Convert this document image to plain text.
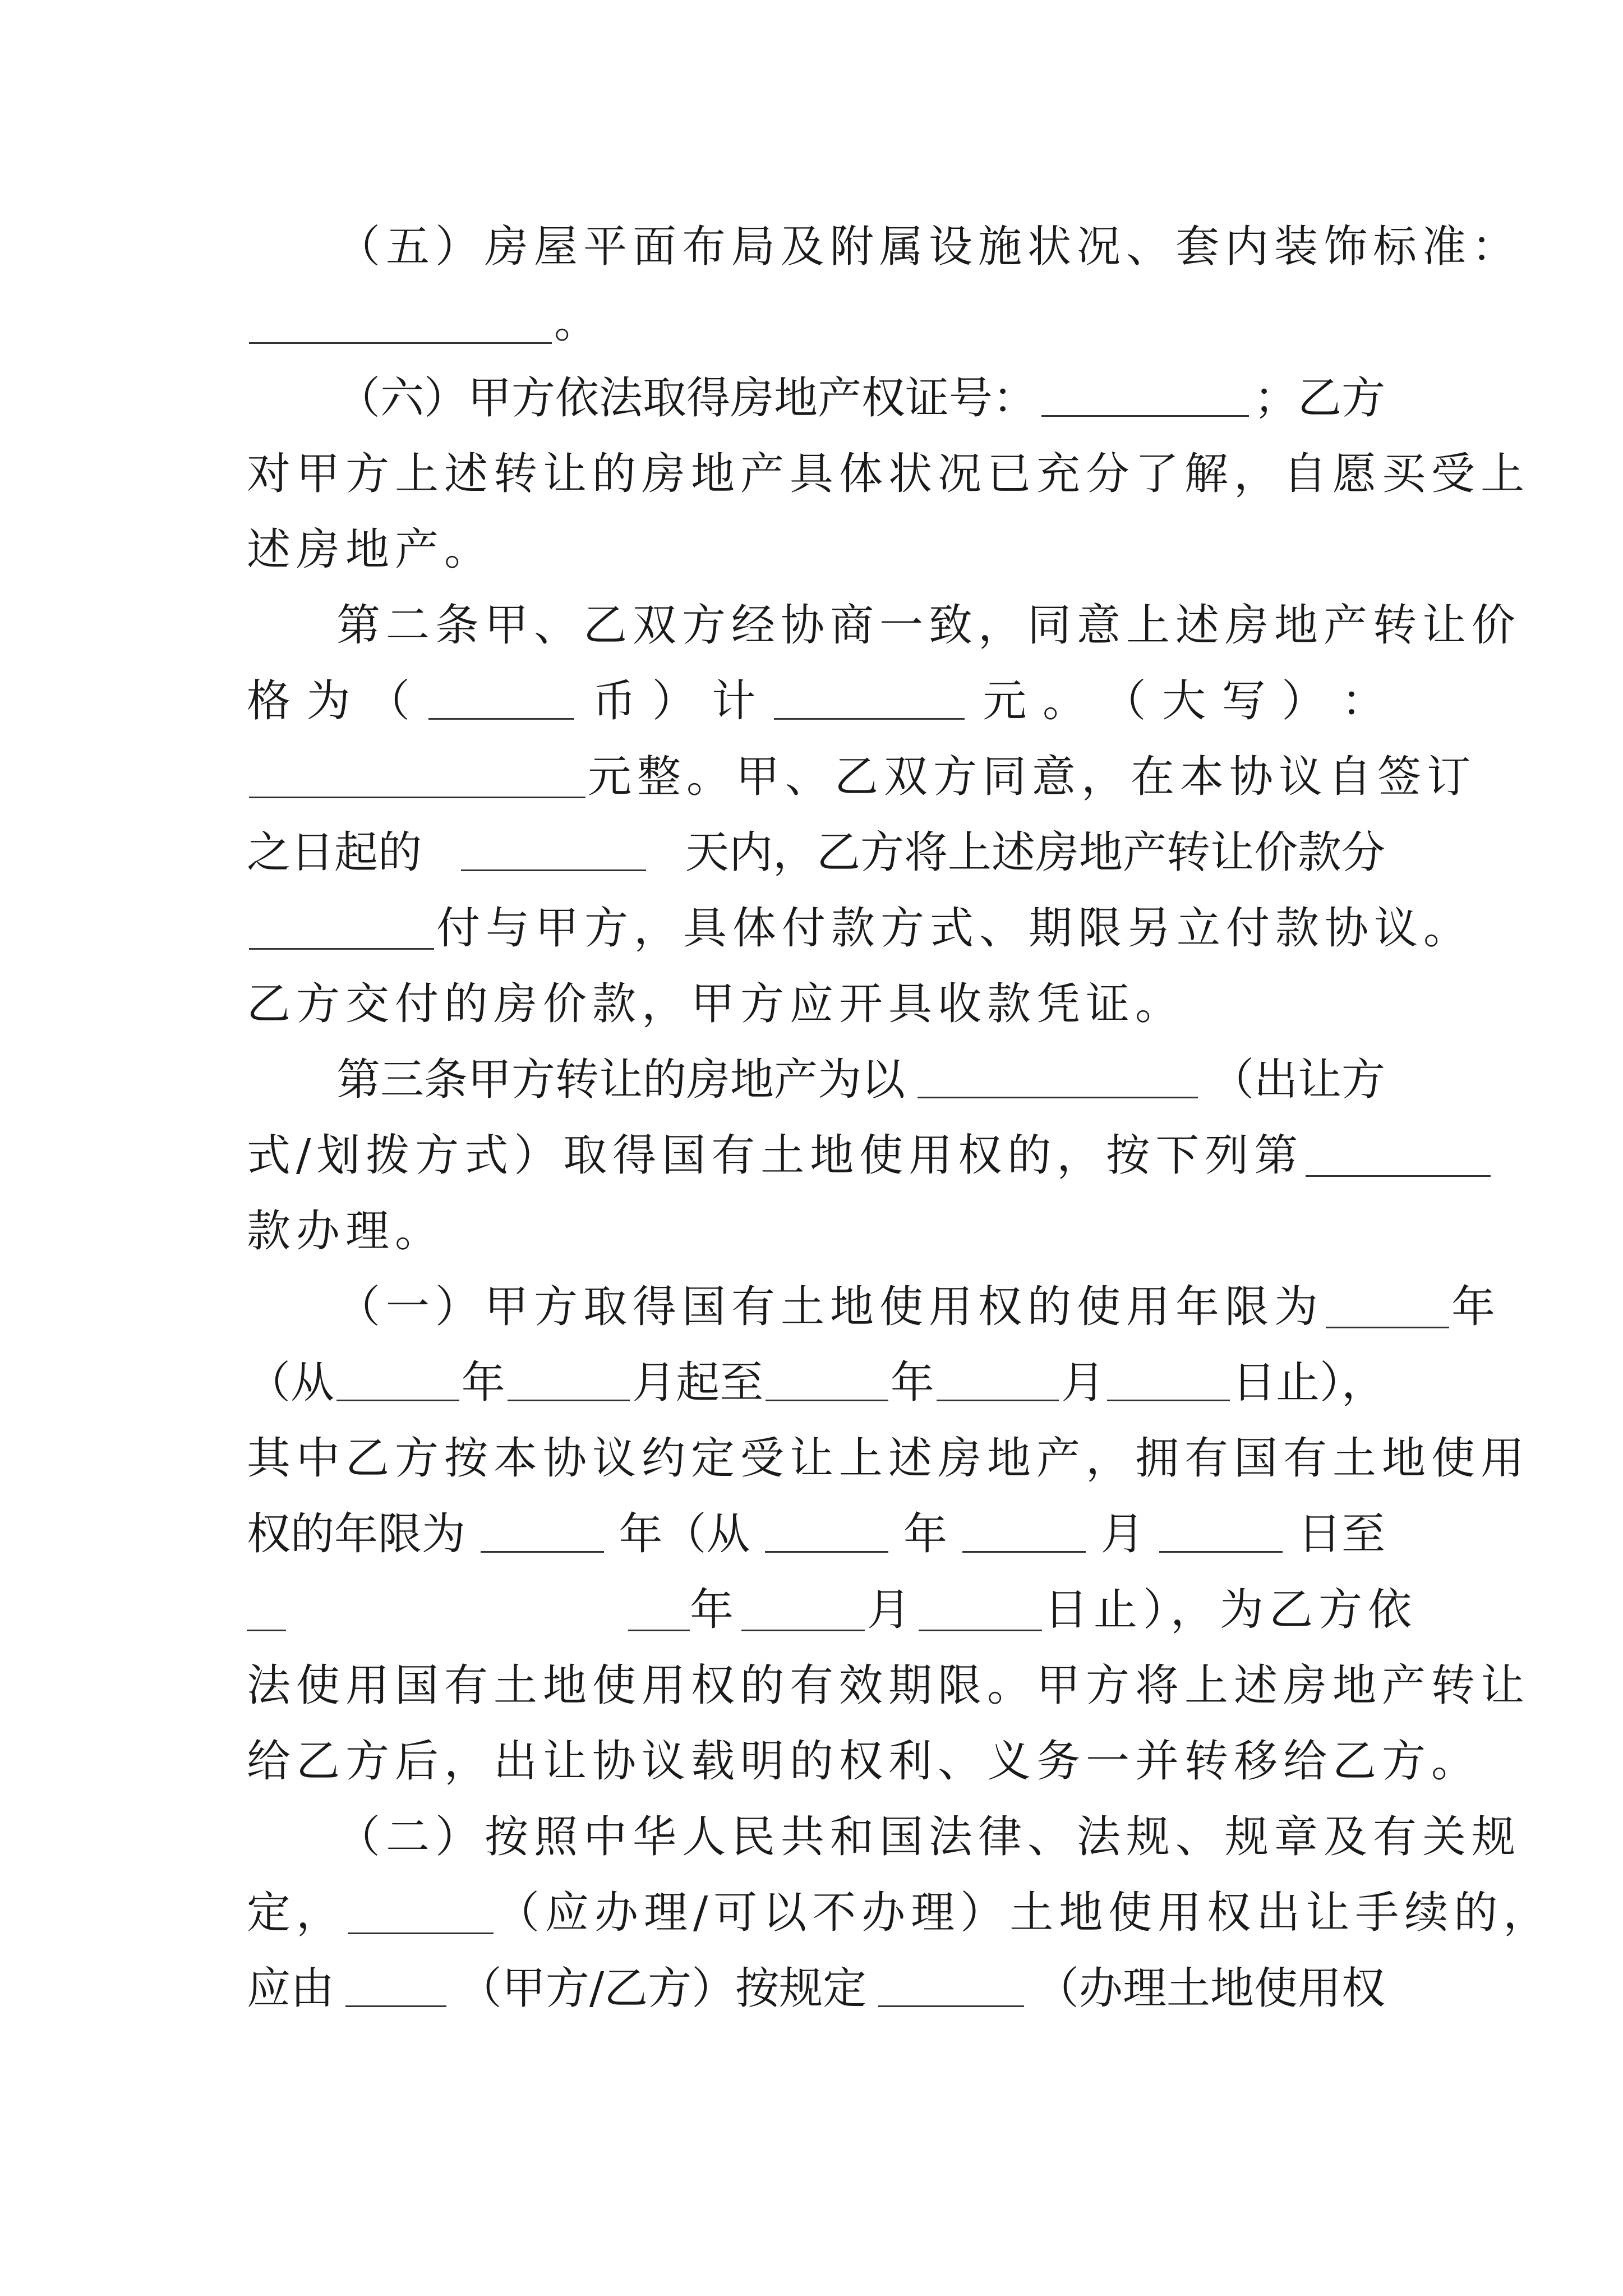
（五）房屋平面布局及附属设施状况、套内装饰标准：
。
（六）甲方依法取得房地产权证号：	；乙方
对甲方上述转让的房地产具体状况已充分了解，自愿买受上
述房地产。
第二条甲、乙双方经协商一致，同意上述房地产转让价
格 为 （	币 ） 计	元 。 （ 大 写 ） ：
元整。甲、乙双方同意，在本协议自签订
之日起的	天内，乙方将上述房地产转让价款分
付与甲方，具体付款方式、期限另立付款协议。
乙方交付的房价款，甲方应开具收款凭证。
第三条甲方转让的房地产为以	（出让方
式/划拨方式）取得国有土地使用权的，按下列第
款办理。
（一）甲方取得国有土地使用权的使用年限为	年
（从	年	月起至	年	月	日止），
其中乙方按本协议约定受让上述房地产，拥有国有土地使用
权的年限为	年（从	年	月	日至
年	月	日止），为乙方依
法使用国有土地使用权的有效期限。甲方将上述房地产转让
给乙方后，出让协议载明的权利、义务一并转移给乙方。
（二）按照中华人民共和国法律、法规、规章及有关规
定，	（应办理/可以不办理）土地使用权出让手续的，
应由	（甲方/乙方）按规定	（办理土地使用权
